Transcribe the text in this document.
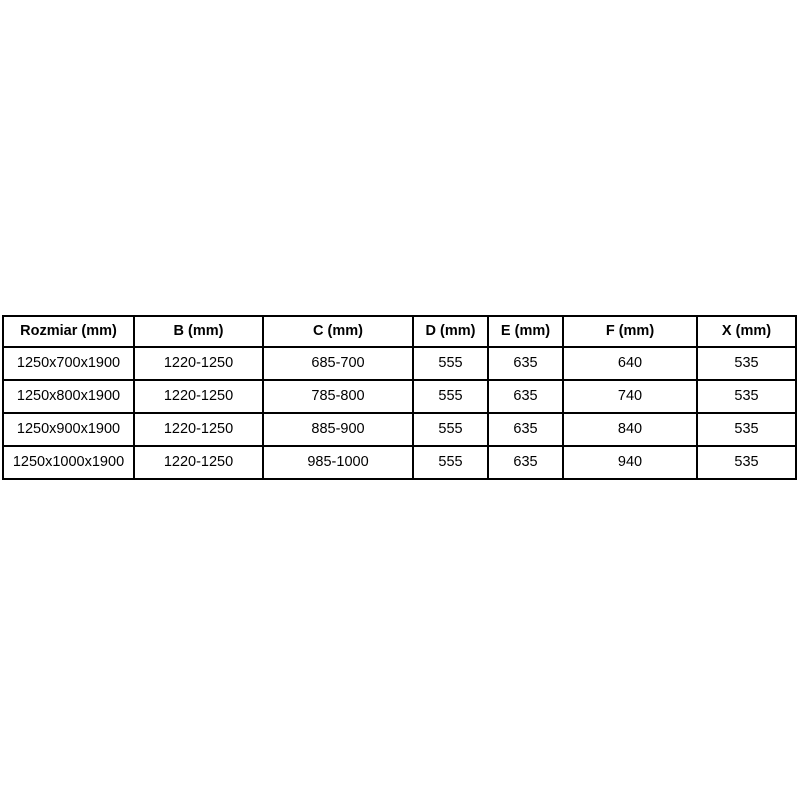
Rozmiar (mm)	B (mm)	C (mm)	D (mm)	E (mm)	F (mm)	X (mm)
1250x700x1900	1220-1250	685-700	555	635	640	535
1250x800x1900	1220-1250	785-800	555	635	740	535
1250x900x1900	1220-1250	885-900	555	635	840	535
1250x1000x1900	1220-1250	985-1000	555	635	940	535
